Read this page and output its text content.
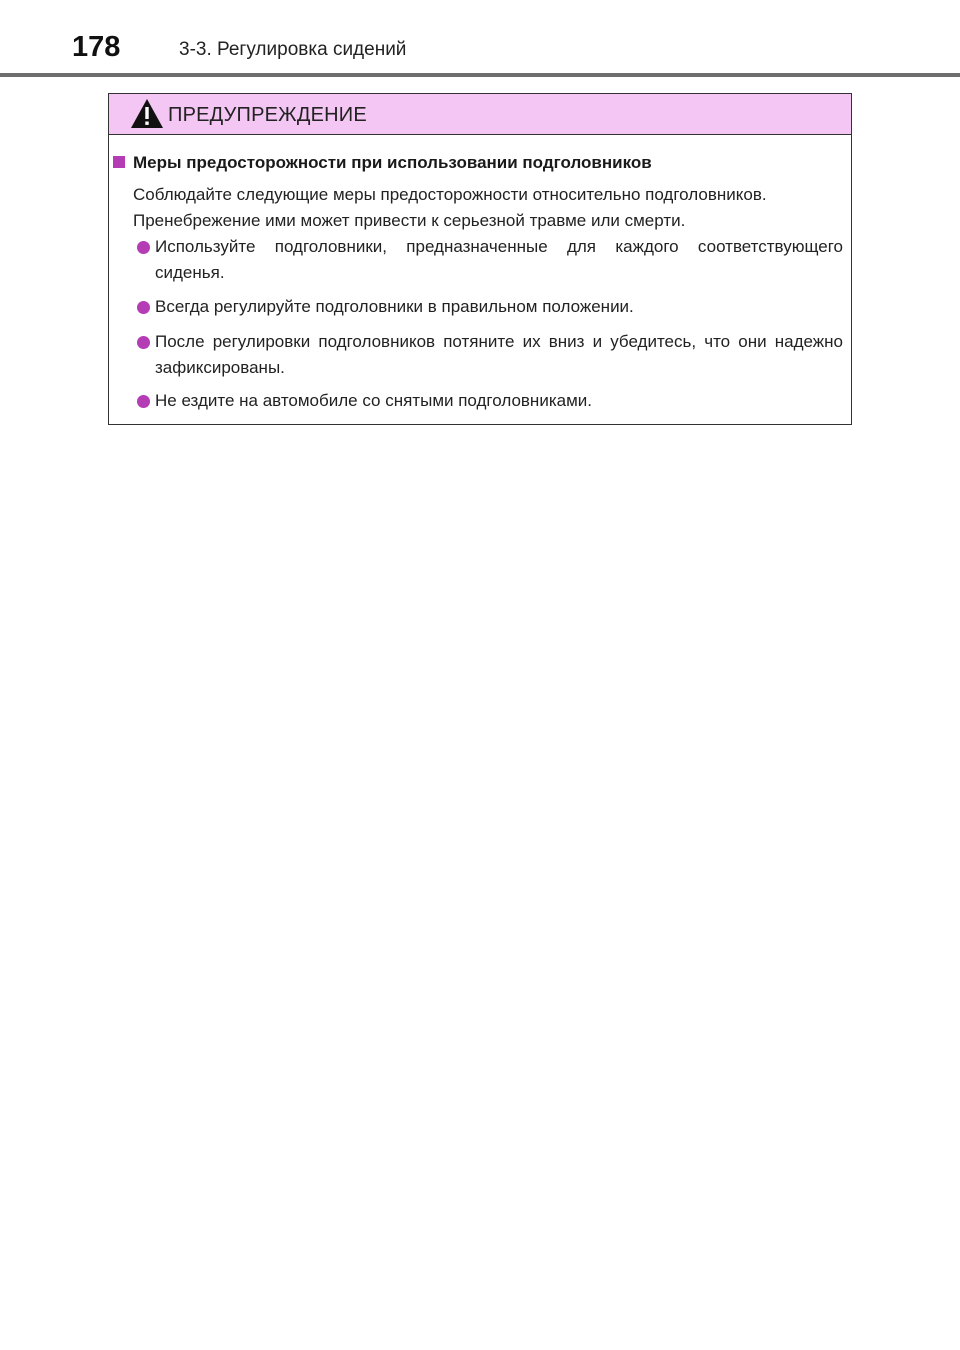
178	3-3. Регулировка сидений
ПРЕДУПРЕЖДЕНИЕ
Меры предосторожности при использовании подголовников
Соблюдайте следующие меры предосторожности относительно подголовников. Пренебрежение ими может привести к серьезной травме или смерти.
Используйте подголовники, предназначенные для каждого соответствующего сиденья.
Всегда регулируйте подголовники в правильном положении.
После регулировки подголовников потяните их вниз и убедитесь, что они надежно зафиксированы.
Не ездите на автомобиле со снятыми подголовниками.
